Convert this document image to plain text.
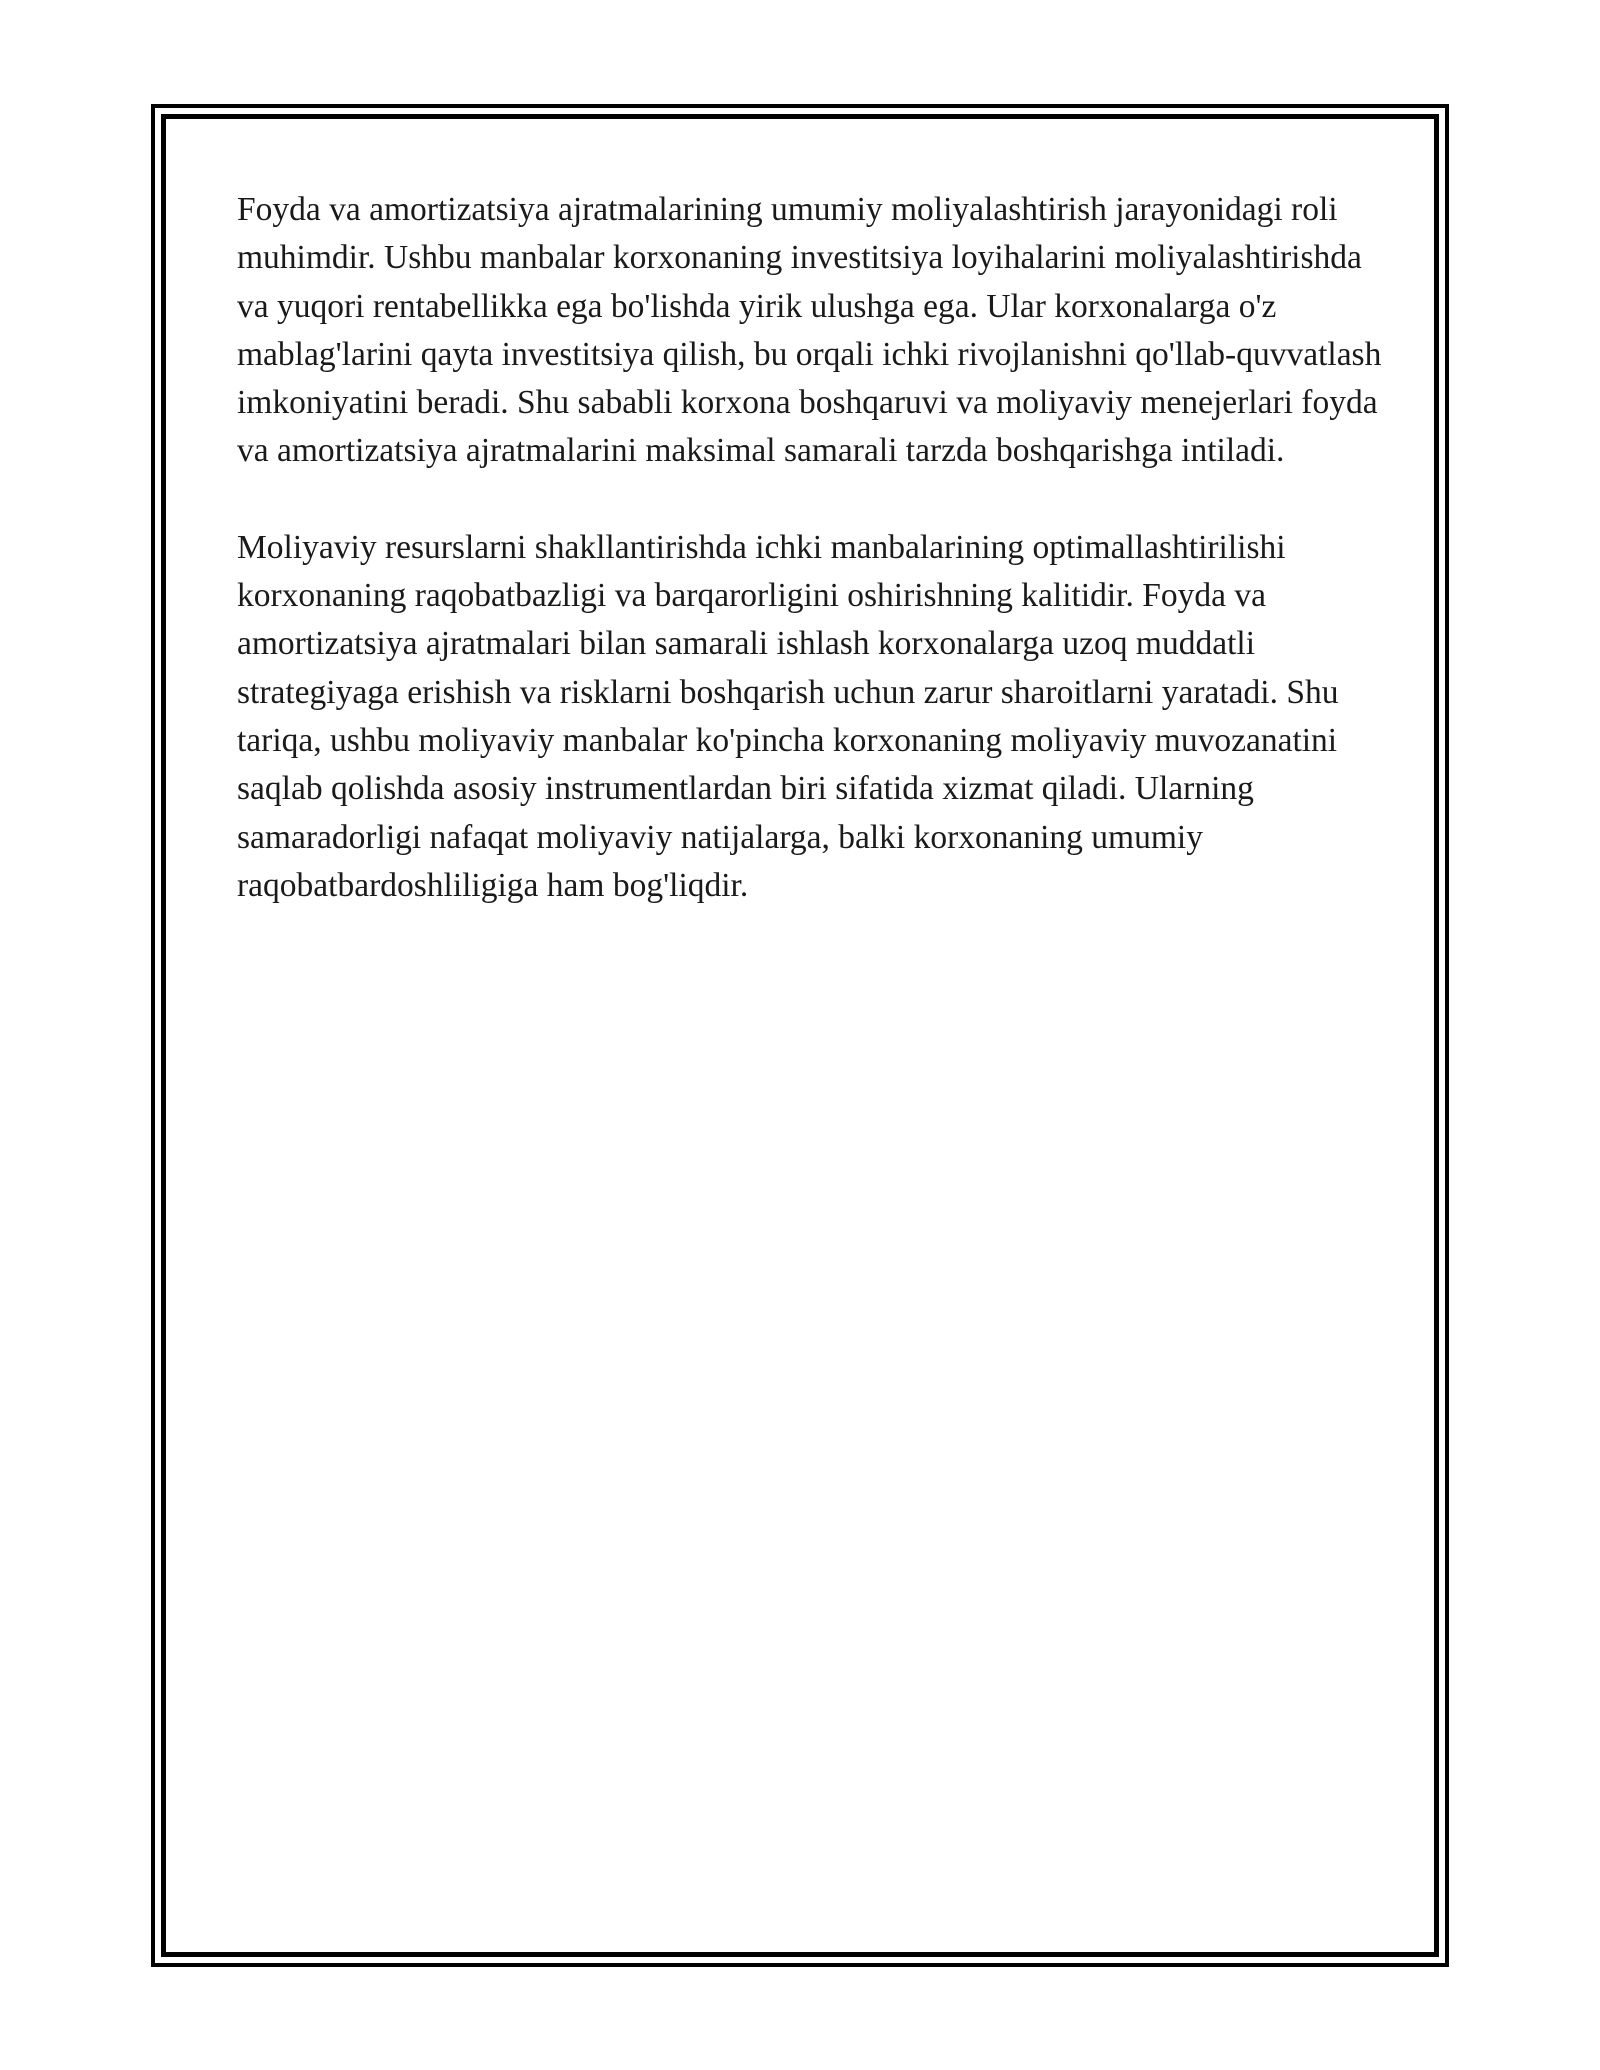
Foyda va amortizatsiya ajratmalarining umumiy moliyalashtirish jarayonidagi roli muhimdir. Ushbu manbalar korxonaning investitsiya loyihalarini moliyalashtirishda va yuqori rentabellikka ega bo'lishda yirik ulushga ega. Ular korxonalarga o'z mablag'larini qayta investitsiya qilish, bu orqali ichki rivojlanishni qo'llab-quvvatlash imkoniyatini beradi. Shu sababli korxona boshqaruvi va moliyaviy menejerlari foyda va amortizatsiya ajratmalarini maksimal samarali tarzda boshqarishga intiladi.

Moliyaviy resurslarni shakllantirishda ichki manbalarining optimallashtirilishi korxonaning raqobatbazligi va barqarorligini oshirishning kalitidir. Foyda va amortizatsiya ajratmalari bilan samarali ishlash korxonalarga uzoq muddatli strategiyaga erishish va risklarni boshqarish uchun zarur sharoitlarni yaratadi. Shu tariqa, ushbu moliyaviy manbalar ko'pincha korxonaning moliyaviy muvozanatini saqlab qolishda asosiy instrumentlardan biri sifatida xizmat qiladi. Ularning samaradorligi nafaqat moliyaviy natijalarga, balki korxonaning umumiy raqobatbardoshliligiga ham bog'liqdir.
